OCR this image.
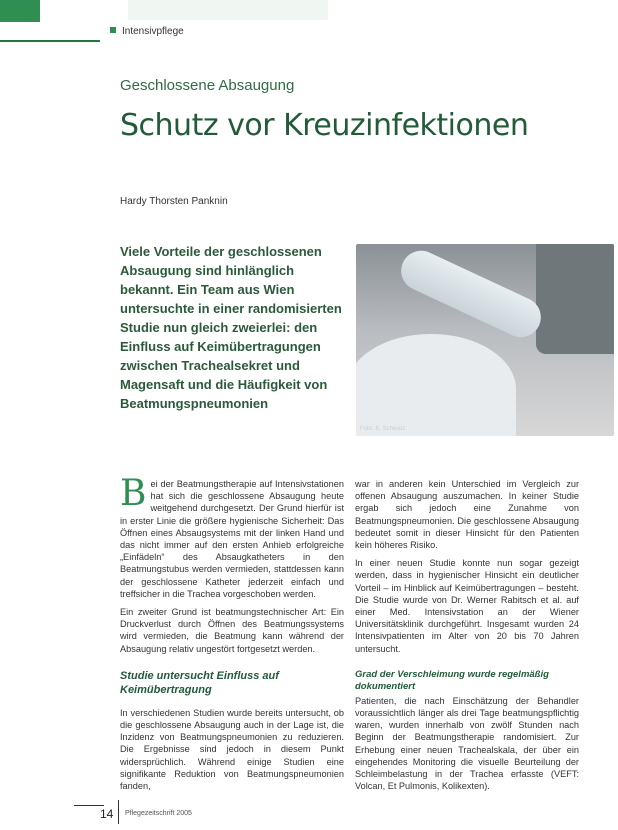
Intensivpflege
Geschlossene Absaugung
Schutz vor Kreuzinfektionen
Hardy Thorsten Panknin
Viele Vorteile der geschlossenen Absaugung sind hinlänglich bekannt. Ein Team aus Wien untersuchte in einer randomisierten Studie nun gleich zweierlei: den Einfluss auf Keimübertragungen zwischen Trachealsekret und Magensaft und die Häufigkeit von Beatmungspneumonien
Foto: K. Schwarz

Bei der Beatmungstherapie auf Intensivstationen hat sich die geschlossene Absaugung heute weitgehend durchgesetzt. Der Grund hierfür ist in erster Linie die größere hygienische Sicherheit: Das Öffnen eines Absaugsystems mit der linken Hand und das nicht immer auf den ersten Anhieb erfolgreiche „Einfädeln“ des Absaugkatheters in den Beatmungstubus werden vermieden, stattdessen kann der geschlossene Katheter jederzeit einfach und treffsicher in die Trachea vorgeschoben werden.

Ein zweiter Grund ist beatmungstechnischer Art: Ein Druckverlust durch Öffnen des Beatmungssystems wird vermieden, die Beatmung kann während der Absaugung relativ ungestört fortgesetzt werden.

Studie untersucht Einfluss auf Keimübertragung

In verschiedenen Studien wurde bereits untersucht, ob die geschlossene Absaugung auch in der Lage ist, die Inzidenz von Beatmungspneumonien zu reduzieren. Die Ergebnisse sind jedoch in diesem Punkt widersprüchlich. Während einige Studien eine signifikante Reduktion von Beatmungspneumonien fanden,

war in anderen kein Unterschied im Vergleich zur offenen Absaugung auszumachen. In keiner Studie ergab sich jedoch eine Zunahme von Beatmungspneumonien. Die geschlossene Absaugung bedeutet somit in dieser Hinsicht für den Patienten kein höheres Risiko.

In einer neuen Studie konnte nun sogar gezeigt werden, dass in hygienischer Hinsicht ein deutlicher Vorteil – im Hinblick auf Keimübertragungen – besteht. Die Studie wurde von Dr. Werner Rabitsch et al. auf einer Med. Intensivstation an der Wiener Universitätsklinik durchgeführt. Insgesamt wurden 24 Intensivpatienten im Alter von 20 bis 70 Jahren untersucht.

Grad der Verschleimung wurde regelmäßig dokumentiert

Patienten, die nach Einschätzung der Behandler voraussichtlich länger als drei Tage beatmungspflichtig waren, wurden innerhalb von zwölf Stunden nach Beginn der Beatmungstherapie randomisiert. Zur Erhebung einer neuen Trachealskala, der über ein eingehendes Monitoring die visuelle Beurteilung der Schleimbelastung in der Trachea erfasste (VEFT: Volcan, Et Pulmonis, Kolikexten).

14 Pflegezeitschrift 2005
